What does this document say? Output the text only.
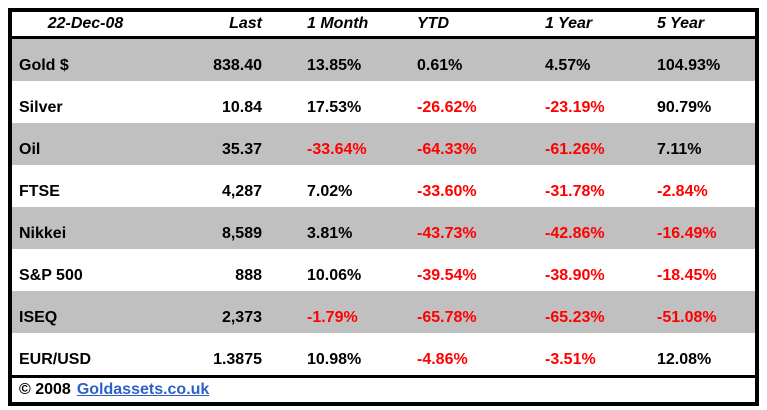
22-Dec-08	Last	1 Month	YTD	1 Year	5 Year
Gold $	838.40	13.85%	0.61%	4.57%	104.93%
Silver	10.84	17.53%	-26.62%	-23.19%	90.79%
Oil	35.37	-33.64%	-64.33%	-61.26%	7.11%
FTSE	4,287	7.02%	-33.60%	-31.78%	-2.84%
Nikkei	8,589	3.81%	-43.73%	-42.86%	-16.49%
S&P 500	888	10.06%	-39.54%	-38.90%	-18.45%
ISEQ	2,373	-1.79%	-65.78%	-65.23%	-51.08%
EUR/USD	1.3875	10.98%	-4.86%	-3.51%	12.08%
© 2008 Goldassets.co.uk
